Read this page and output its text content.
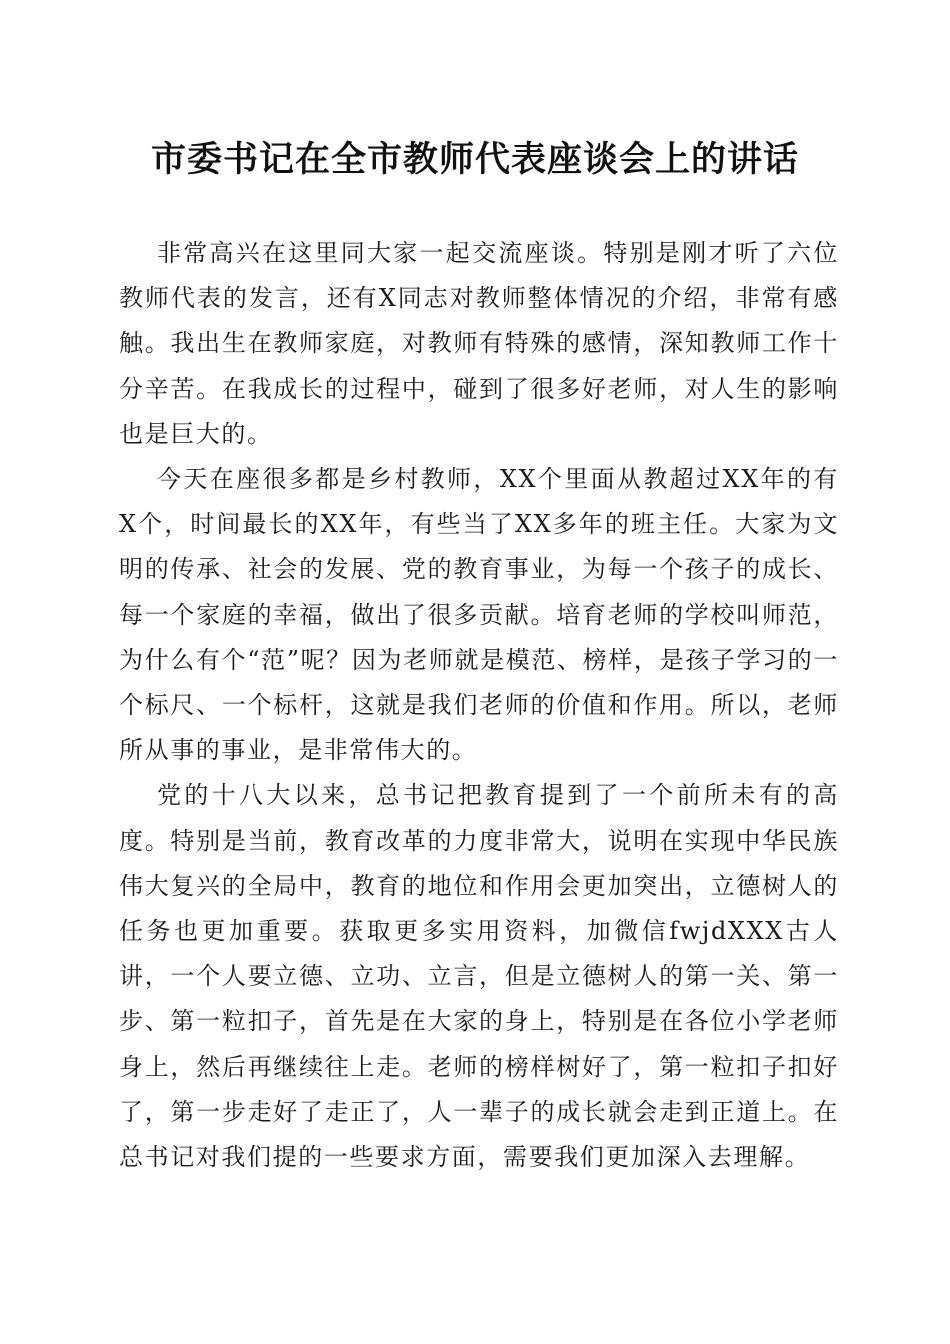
市委书记在全市教师代表座谈会上的讲话

非常高兴在这里同大家一起交流座谈。特别是刚才听了六位教师代表的发言，还有X同志对教师整体情况的介绍，非常有感触。我出生在教师家庭，对教师有特殊的感情，深知教师工作十分辛苦。在我成长的过程中，碰到了很多好老师，对人生的影响也是巨大的。

今天在座很多都是乡村教师，XX个里面从教超过XX年的有X个，时间最长的XX年，有些当了XX多年的班主任。大家为文明的传承、社会的发展、党的教育事业，为每一个孩子的成长、每一个家庭的幸福，做出了很多贡献。培育老师的学校叫师范，为什么有个“范”呢？因为老师就是模范、榜样，是孩子学习的一个标尺、一个标杆，这就是我们老师的价值和作用。所以，老师所从事的事业，是非常伟大的。

党的十八大以来，总书记把教育提到了一个前所未有的高度。特别是当前，教育改革的力度非常大，说明在实现中华民族伟大复兴的全局中，教育的地位和作用会更加突出，立德树人的任务也更加重要。获取更多实用资料，加微信fwjdXXX古人讲，一个人要立德、立功、立言，但是立德树人的第一关、第一步、第一粒扣子，首先是在大家的身上，特别是在各位小学老师身上，然后再继续往上走。老师的榜样树好了，第一粒扣子扣好了，第一步走好了走正了，人一辈子的成长就会走到正道上。在总书记对我们提的一些要求方面，需要我们更加深入去理解。
